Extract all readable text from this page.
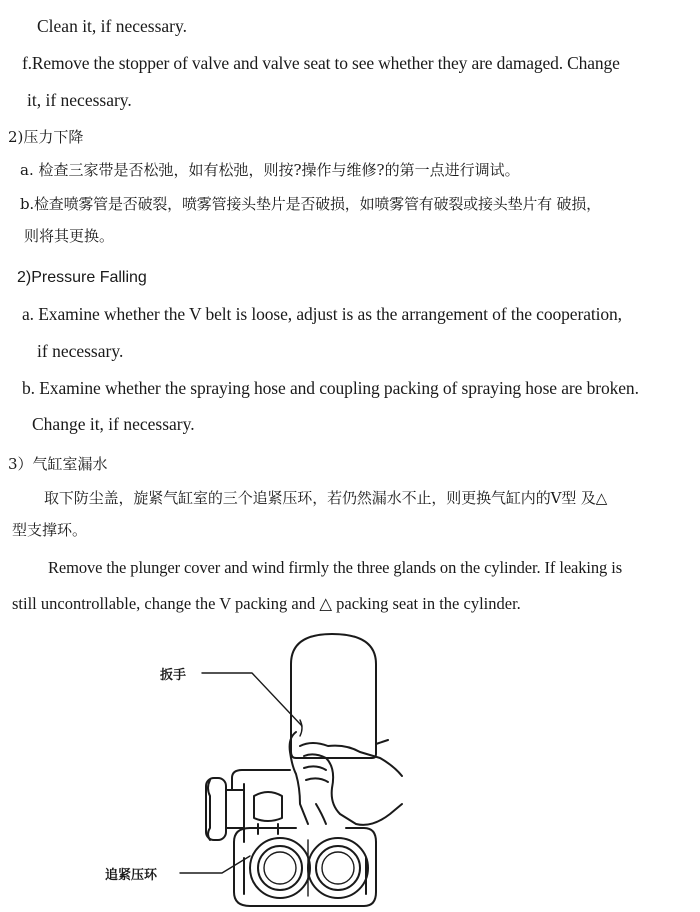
Clean it, if necessary.
f.Remove the stopper of valve and valve seat to see whether they are damaged. Change
it, if necessary.
2)压力下降
a. 检查三家带是否松弛，如有松弛，则按?操作与维修?的第一点进行调试。
b.检查喷雾管是否破裂，喷雾管接头垫片是否破损，如喷雾管有破裂或接头垫片有 破损，
则将其更换。
2)Pressure Falling
a. Examine whether the V belt is loose, adjust is as the arrangement of the cooperation,
if necessary.
b. Examine whether the spraying hose and coupling packing of spraying hose are broken.
Change it, if necessary.
3）气缸室漏水
取下防尘盖，旋紧气缸室的三个追紧压环，若仍然漏水不止，则更换气缸内的V型 及△
型支撑环。
Remove the plunger cover and wind firmly the three glands on the cylinder. If leaking is
still uncontrollable, change the V packing and △ packing seat in the cylinder.
扳手
追紧压环
